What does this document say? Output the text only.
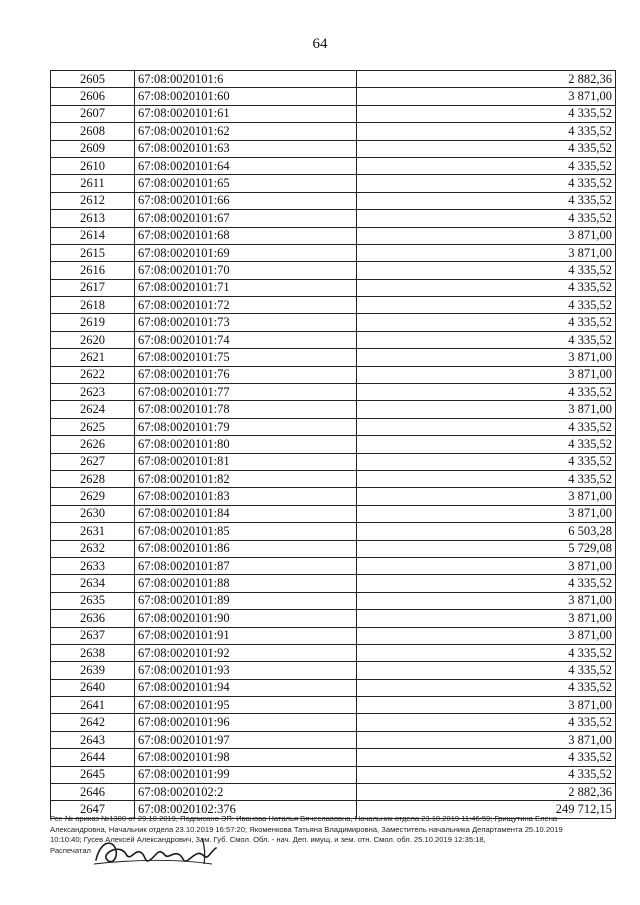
64
2605	67:08:0020101:6	2 882,36
2606	67:08:0020101:60	3 871,00
2607	67:08:0020101:61	4 335,52
2608	67:08:0020101:62	4 335,52
2609	67:08:0020101:63	4 335,52
2610	67:08:0020101:64	4 335,52
2611	67:08:0020101:65	4 335,52
2612	67:08:0020101:66	4 335,52
2613	67:08:0020101:67	4 335,52
2614	67:08:0020101:68	3 871,00
2615	67:08:0020101:69	3 871,00
2616	67:08:0020101:70	4 335,52
2617	67:08:0020101:71	4 335,52
2618	67:08:0020101:72	4 335,52
2619	67:08:0020101:73	4 335,52
2620	67:08:0020101:74	4 335,52
2621	67:08:0020101:75	3 871,00
2622	67:08:0020101:76	3 871,00
2623	67:08:0020101:77	4 335,52
2624	67:08:0020101:78	3 871,00
2625	67:08:0020101:79	4 335,52
2626	67:08:0020101:80	4 335,52
2627	67:08:0020101:81	4 335,52
2628	67:08:0020101:82	4 335,52
2629	67:08:0020101:83	3 871,00
2630	67:08:0020101:84	3 871,00
2631	67:08:0020101:85	6 503,28
2632	67:08:0020101:86	5 729,08
2633	67:08:0020101:87	3 871,00
2634	67:08:0020101:88	4 335,52
2635	67:08:0020101:89	3 871,00
2636	67:08:0020101:90	3 871,00
2637	67:08:0020101:91	3 871,00
2638	67:08:0020101:92	4 335,52
2639	67:08:0020101:93	4 335,52
2640	67:08:0020101:94	4 335,52
2641	67:08:0020101:95	3 871,00
2642	67:08:0020101:96	4 335,52
2643	67:08:0020101:97	3 871,00
2644	67:08:0020101:98	4 335,52
2645	67:08:0020101:99	4 335,52
2646	67:08:0020102:2	2 882,36
2647	67:08:0020102:376	249 712,15

Рег. № приказ №1300 от 29.10.2019, Подписано ЭП: Иванова Наталья Вячеславовна, Начальник отдела 23.10.2019 11:46:59; Грищутина Елена

Александровна, Начальник отдела 23.10.2019 16:57:20; Якоменкова Татьяна Владимировна, Заместитель начальника Департамента 25.10.2019

10:10:40; Гусев Алексей Александрович, Зам. Губ. Смол. Обл. - нач. Деп. имущ. и зем. отн. Смол. обл. 25.10.2019 12:35:18,

Распечатал
